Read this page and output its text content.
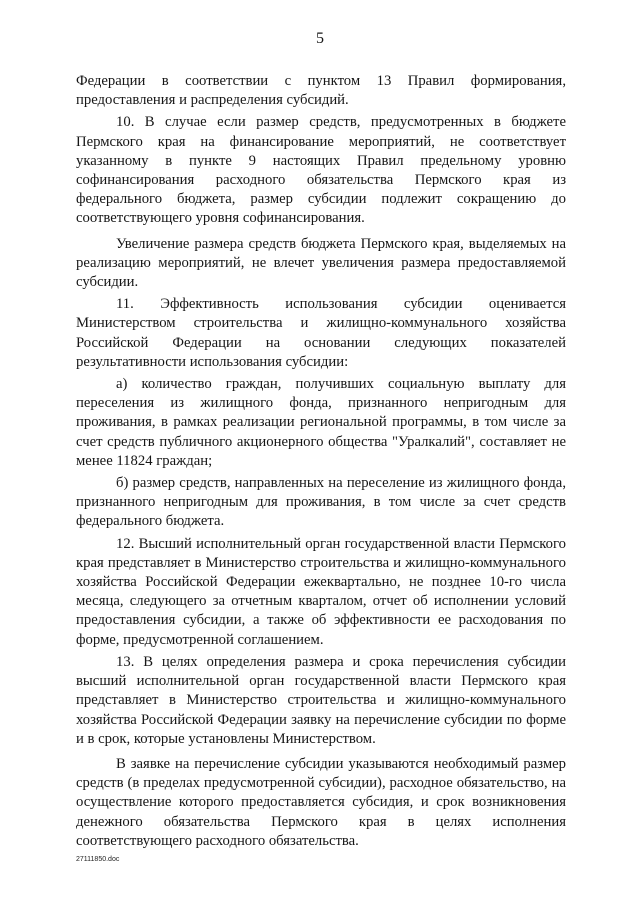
5

Федерации в соответствии с пунктом 13 Правил формирования, предоставления и распределения субсидий.

10. В случае если размер средств, предусмотренных в бюджете Пермского края на финансирование мероприятий, не соответствует указанному в пункте 9 настоящих Правил предельному уровню софинансирования расходного обязательства Пермского края из федерального бюджета, размер субсидии подлежит сокращению до соответствующего уровня софинансирования.

Увеличение размера средств бюджета Пермского края, выделяемых на реализацию мероприятий, не влечет увеличения размера предоставляемой субсидии.

11. Эффективность использования субсидии оценивается Министерством строительства и жилищно-коммунального хозяйства Российской Федерации на основании следующих показателей результативности использования субсидии:

а) количество граждан, получивших социальную выплату для переселения из жилищного фонда, признанного непригодным для проживания, в рамках реализации региональной программы, в том числе за счет средств публичного акционерного общества "Уралкалий", составляет не менее 11824 граждан;

б) размер средств, направленных на переселение из жилищного фонда, признанного непригодным для проживания, в том числе за счет средств федерального бюджета.

12. Высший исполнительный орган государственной власти Пермского края представляет в Министерство строительства и жилищно-коммунального хозяйства Российской Федерации ежеквартально, не позднее 10-го числа месяца, следующего за отчетным кварталом, отчет об исполнении условий предоставления субсидии, а также об эффективности ее расходования по форме, предусмотренной соглашением.

13. В целях определения размера и срока перечисления субсидии высший исполнительной орган государственной власти Пермского края представляет в Министерство строительства и жилищно-коммунального хозяйства Российской Федерации заявку на перечисление субсидии по форме и в срок, которые установлены Министерством.

В заявке на перечисление субсидии указываются необходимый размер средств (в пределах предусмотренной субсидии), расходное обязательство, на осуществление которого предоставляется субсидия, и срок возникновения денежного обязательства Пермского края в целях исполнения соответствующего расходного обязательства.

27111850.doc
